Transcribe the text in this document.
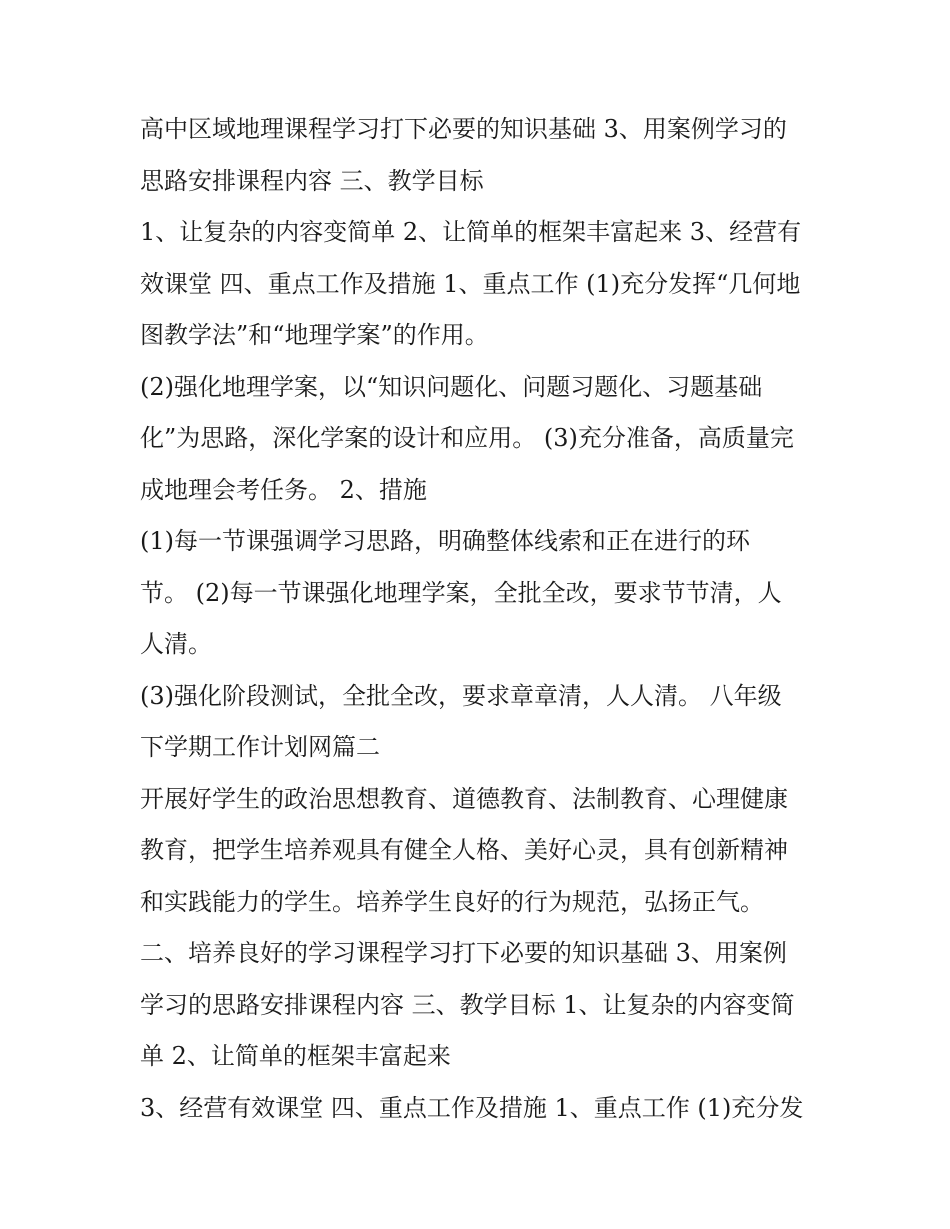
高中区域地理课程学习打下必要的知识基础 3、用案例学习的
思路安排课程内容 三、教学目标

1、让复杂的内容变简单 2、让简单的框架丰富起来 3、经营有
效课堂 四、重点工作及措施 1、重点工作 (1)充分发挥“几何地
图教学法”和“地理学案”的作用。

(2)强化地理学案，以“知识问题化、问题习题化、习题基础
化”为思路，深化学案的设计和应用。 (3)充分准备，高质量完
成地理会考任务。 2、措施

(1)每一节课强调学习思路，明确整体线索和正在进行的环
节。 (2)每一节课强化地理学案，全批全改，要求节节清，人
人清。

(3)强化阶段测试，全批全改，要求章章清，人人清。 八年级
下学期工作计划网篇二

开展好学生的政治思想教育、道德教育、法制教育、心理健康
教育，把学生培养观具有健全人格、美好心灵，具有创新精神
和实践能力的学生。培养学生良好的行为规范，弘扬正气。
二、培养良好的学习课程学习打下必要的知识基础 3、用案例
学习的思路安排课程内容 三、教学目标 1、让复杂的内容变简
单 2、让简单的框架丰富起来

3、经营有效课堂 四、重点工作及措施 1、重点工作 (1)充分发
